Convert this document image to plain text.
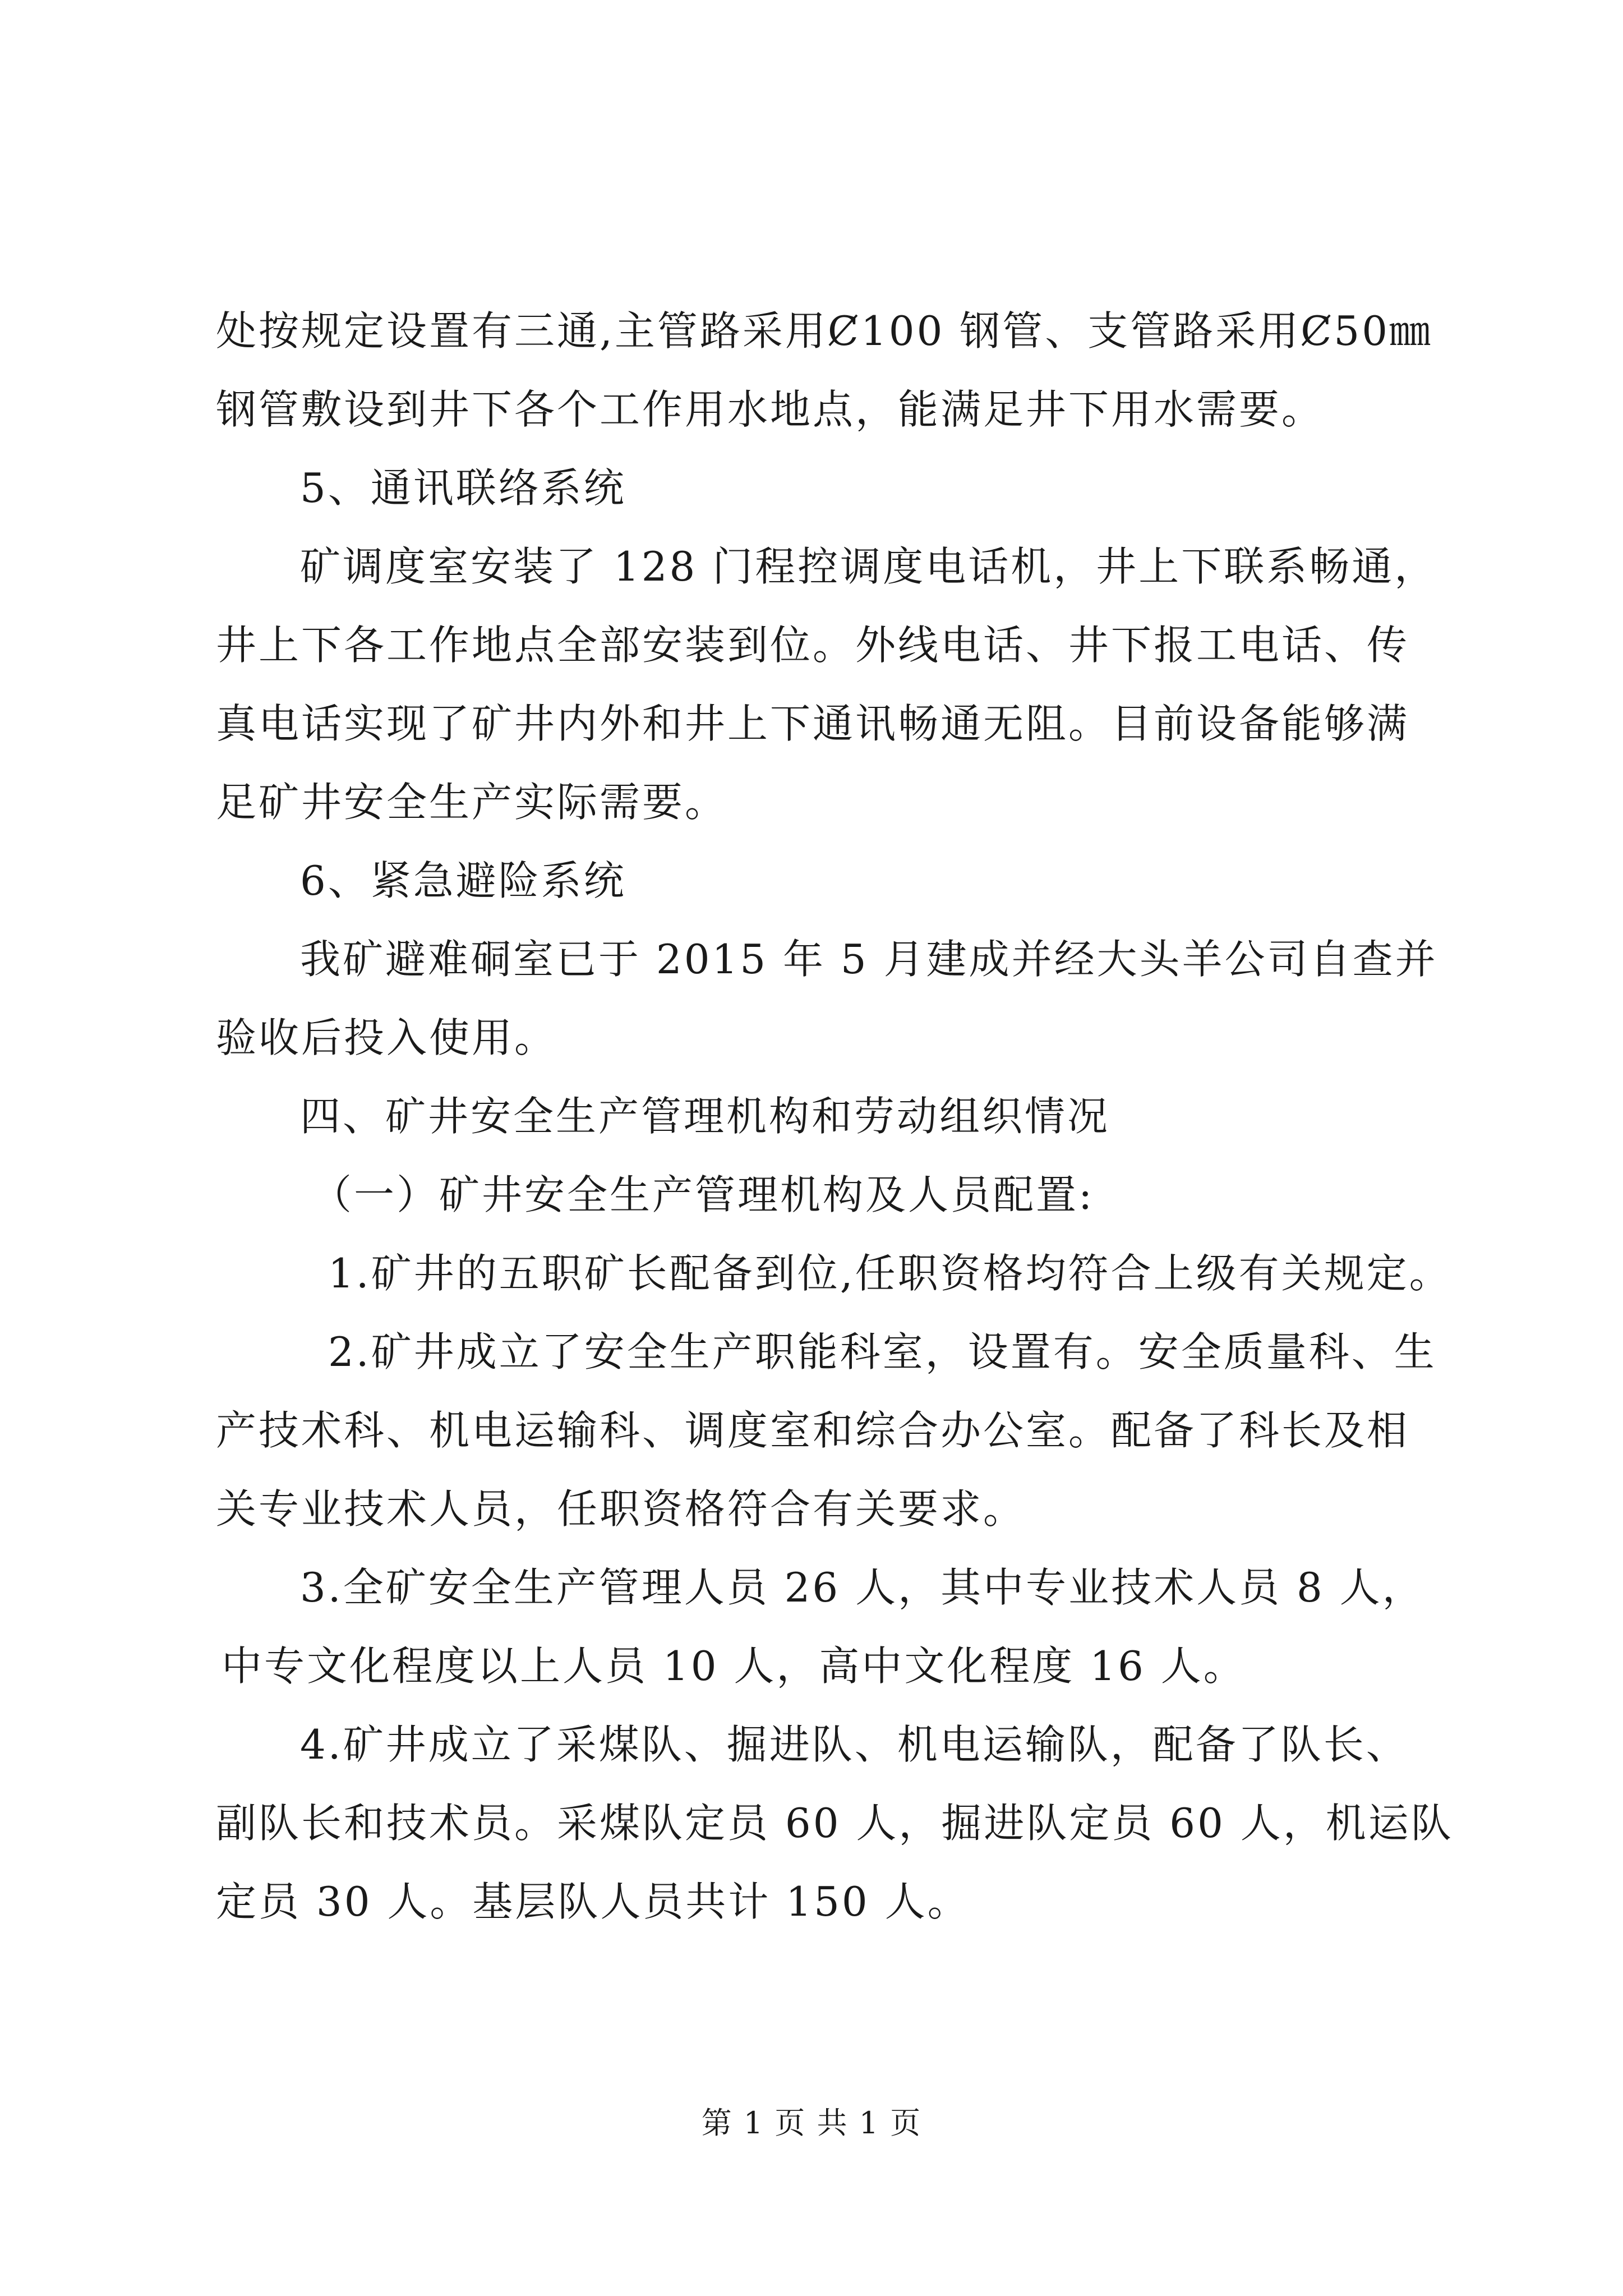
处按规定设置有三通,主管路采用Ȼ100 钢管、支管路采用Ȼ50㎜
钢管敷设到井下各个工作用水地点，能满足井下用水需要。
5、通讯联络系统
矿调度室安装了 128 门程控调度电话机，井上下联系畅通，
井上下各工作地点全部安装到位。外线电话、井下报工电话、传
真电话实现了矿井内外和井上下通讯畅通无阻。目前设备能够满
足矿井安全生产实际需要。
6、紧急避险系统
我矿避难硐室已于 2015 年 5 月建成并经大头羊公司自查并
验收后投入使用。
四、矿井安全生产管理机构和劳动组织情况
（一）矿井安全生产管理机构及人员配置:
1.矿井的五职矿长配备到位,任职资格均符合上级有关规定。
2.矿井成立了安全生产职能科室，设置有。安全质量科、生
产技术科、机电运输科、调度室和综合办公室。配备了科长及相
关专业技术人员，任职资格符合有关要求。
3.全矿安全生产管理人员 26 人，其中专业技术人员 8 人，
中专文化程度以上人员 10 人，高中文化程度 16 人。
4.矿井成立了采煤队、掘进队、机电运输队，配备了队长、
副队长和技术员。采煤队定员 60 人，掘进队定员 60 人，机运队
定员 30 人。基层队人员共计 150 人。
第 1 页 共 1 页
